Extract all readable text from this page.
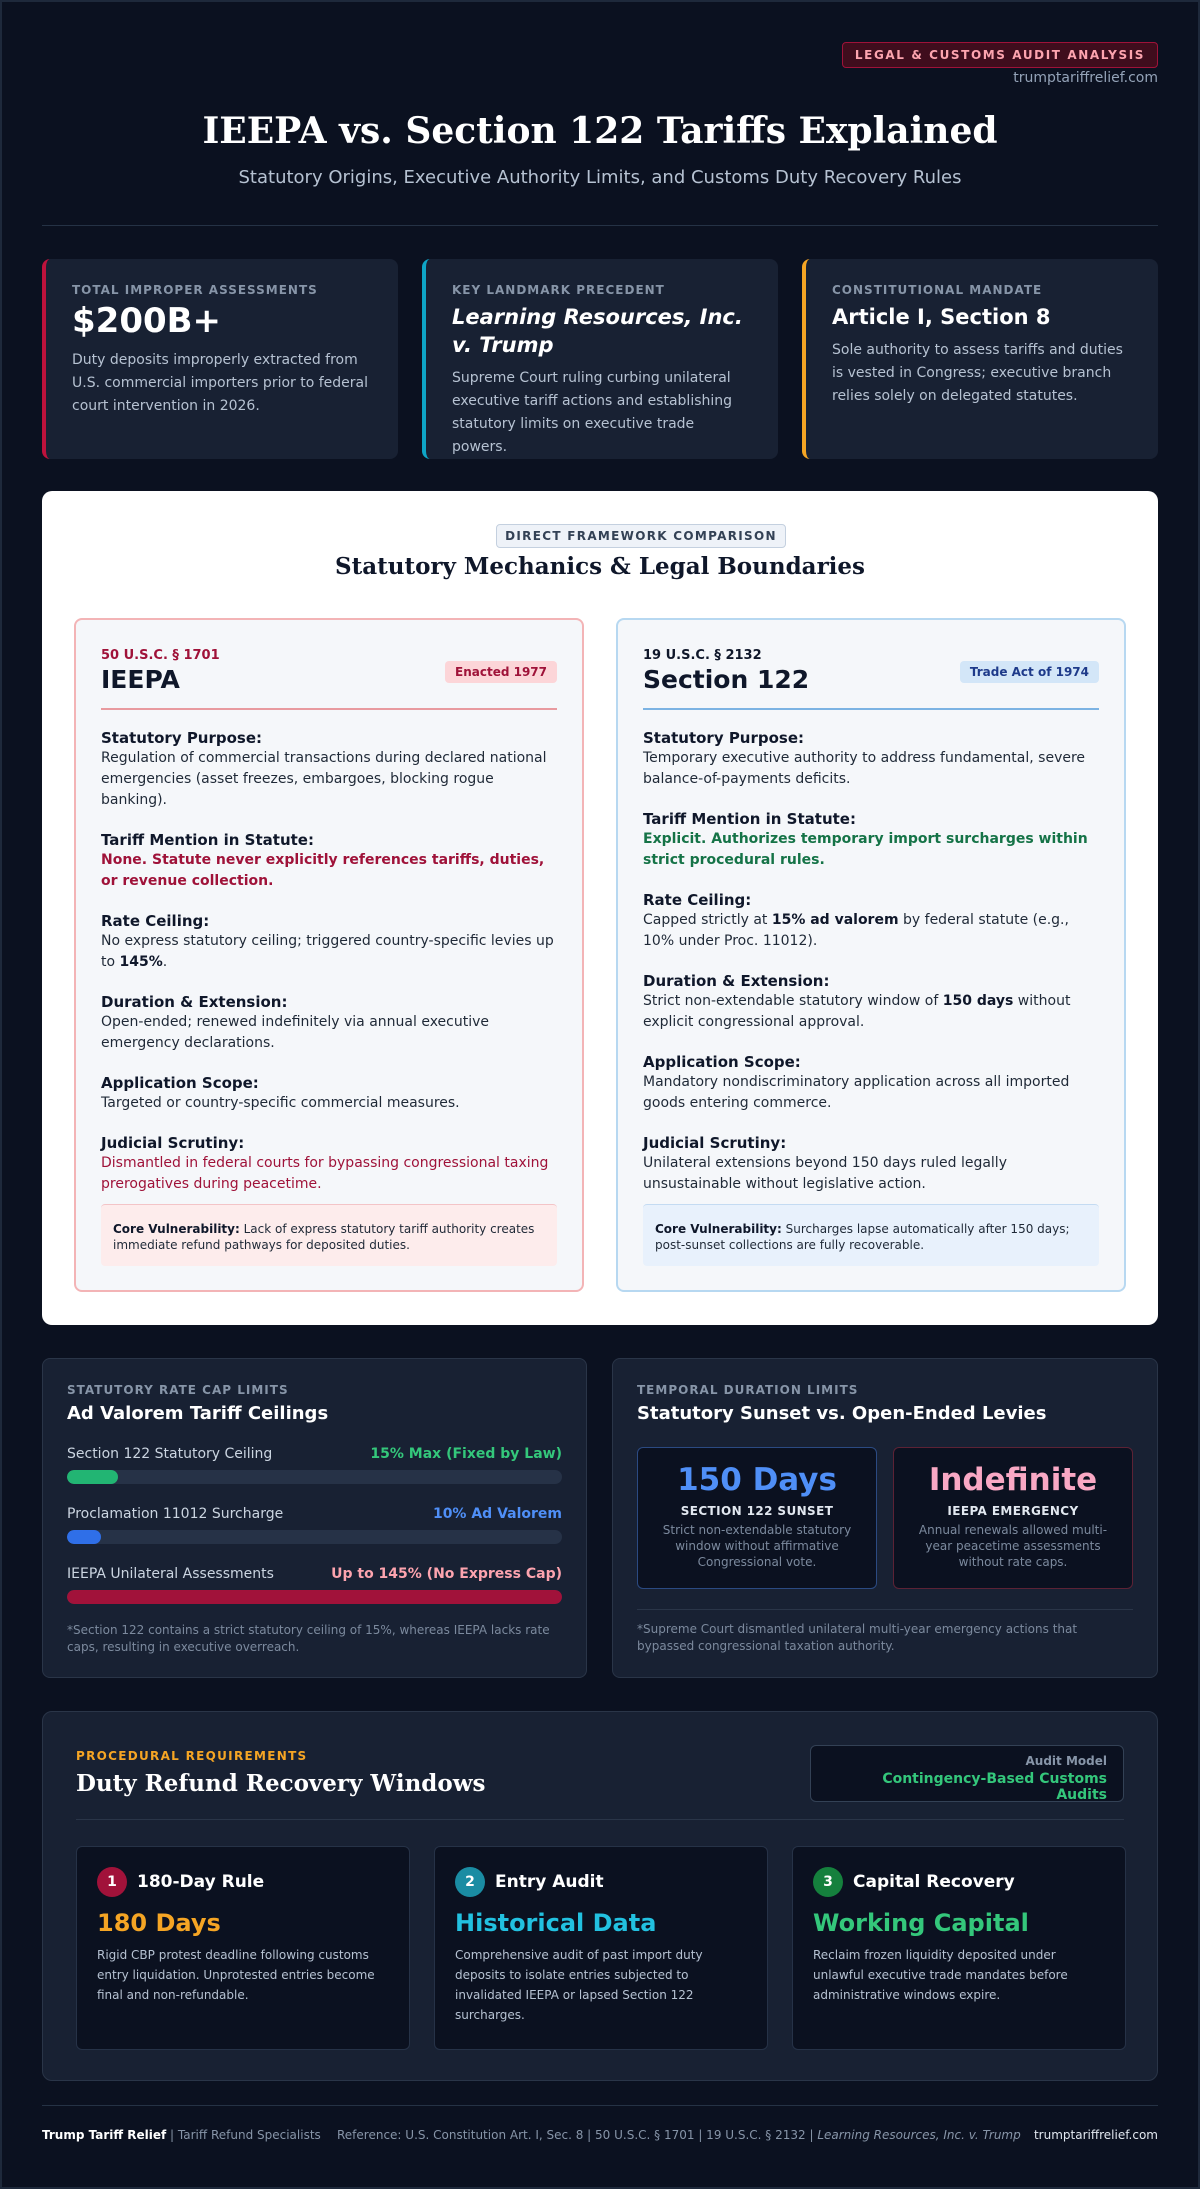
LEGAL & CUSTOMS AUDIT ANALYSIS
trumptariffrelief.com
IEEPA vs. Section 122 Tariffs Explained
Statutory Origins, Executive Authority Limits, and Customs Duty Recovery Rules
TOTAL IMPROPER ASSESSMENTS
$200B+
Duty deposits improperly extracted from U.S. commercial importers prior to federal court intervention in 2026.
KEY LANDMARK PRECEDENT
Learning Resources, Inc. v. Trump
Supreme Court ruling curbing unilateral executive tariff actions and establishing statutory limits on executive trade powers.
CONSTITUTIONAL MANDATE
Article I, Section 8
Sole authority to assess tariffs and duties is vested in Congress; executive branch relies solely on delegated statutes.
DIRECT FRAMEWORK COMPARISON
Statutory Mechanics & Legal Boundaries
50 U.S.C. § 1701
IEEPA	Enacted 1977
Statutory Purpose:
Regulation of commercial transactions during declared national emergencies (asset freezes, embargoes, blocking rogue banking).
Tariff Mention in Statute:
None. Statute never explicitly references tariffs, duties, or revenue collection.
Rate Ceiling:
No express statutory ceiling; triggered country-specific levies up to 145%.
Duration & Extension:
Open-ended; renewed indefinitely via annual executive emergency declarations.
Application Scope:
Targeted or country-specific commercial measures.
Judicial Scrutiny:
Dismantled in federal courts for bypassing congressional taxing prerogatives during peacetime.
Core Vulnerability: Lack of express statutory tariff authority creates immediate refund pathways for deposited duties.
19 U.S.C. § 2132
Section 122	Trade Act of 1974
Statutory Purpose:
Temporary executive authority to address fundamental, severe balance-of-payments deficits.
Tariff Mention in Statute:
Explicit. Authorizes temporary import surcharges within strict procedural rules.
Rate Ceiling:
Capped strictly at 15% ad valorem by federal statute (e.g., 10% under Proc. 11012).
Duration & Extension:
Strict non-extendable statutory window of 150 days without explicit congressional approval.
Application Scope:
Mandatory nondiscriminatory application across all imported goods entering commerce.
Judicial Scrutiny:
Unilateral extensions beyond 150 days ruled legally unsustainable without legislative action.
Core Vulnerability: Surcharges lapse automatically after 150 days; post-sunset collections are fully recoverable.
STATUTORY RATE CAP LIMITS
Ad Valorem Tariff Ceilings
Section 122 Statutory Ceiling	15% Max (Fixed by Law)
Proclamation 11012 Surcharge	10% Ad Valorem
IEEPA Unilateral Assessments	Up to 145% (No Express Cap)
*Section 122 contains a strict statutory ceiling of 15%, whereas IEEPA lacks rate caps, resulting in executive overreach.
TEMPORAL DURATION LIMITS
Statutory Sunset vs. Open-Ended Levies
150 Days
SECTION 122 SUNSET
Strict non-extendable statutory window without affirmative Congressional vote.
Indefinite
IEEPA EMERGENCY
Annual renewals allowed multi-year peacetime assessments without rate caps.
*Supreme Court dismantled unilateral multi-year emergency actions that bypassed congressional taxation authority.
PROCEDURAL REQUIREMENTS
Duty Refund Recovery Windows
Audit Model
Contingency-Based Customs Audits
1 180-Day Rule
180 Days
Rigid CBP protest deadline following customs entry liquidation. Unprotested entries become final and non-refundable.
2 Entry Audit
Historical Data
Comprehensive audit of past import duty deposits to isolate entries subjected to invalidated IEEPA or lapsed Section 122 surcharges.
3 Capital Recovery
Working Capital
Reclaim frozen liquidity deposited under unlawful executive trade mandates before administrative windows expire.
Trump Tariff Relief | Tariff Refund Specialists Reference: U.S. Constitution Art. I, Sec. 8 | 50 U.S.C. § 1701 | 19 U.S.C. § 2132 | Learning Resources, Inc. v. Trump trumptariffrelief.com
